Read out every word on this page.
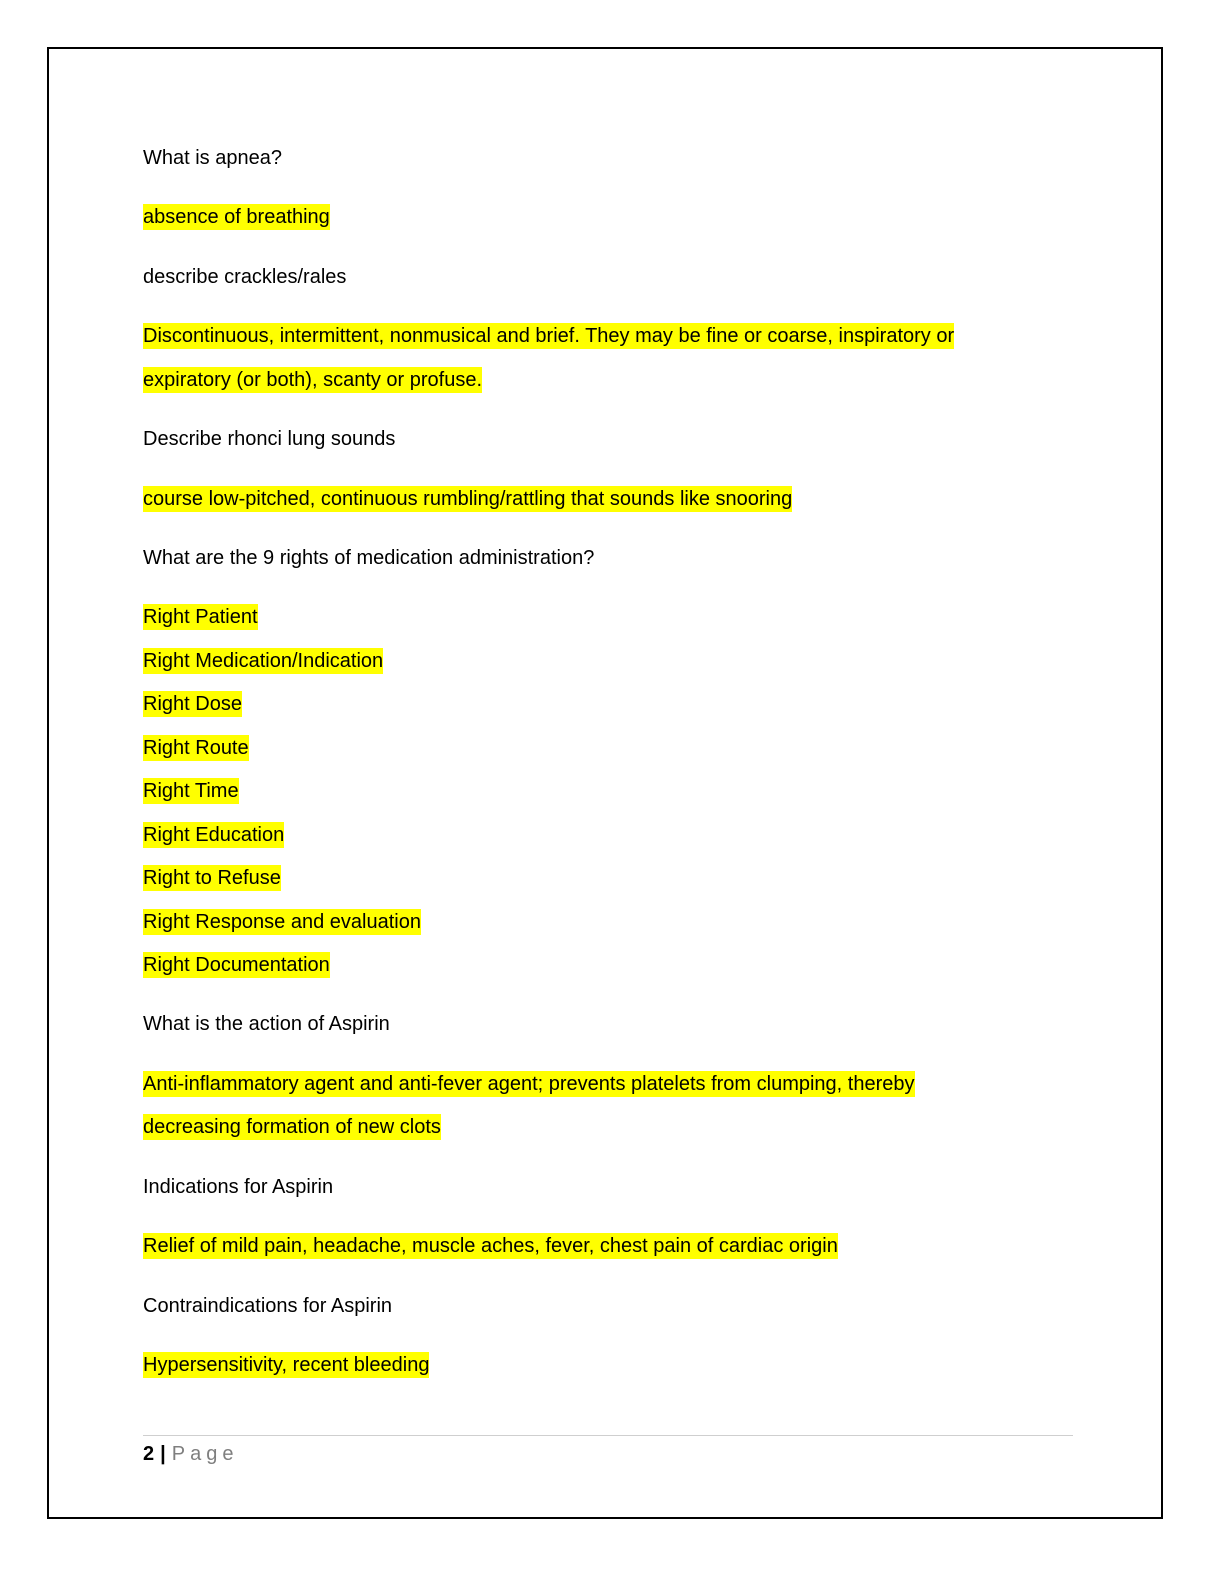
What is apnea?
absence of breathing
describe crackles/rales
Discontinuous, intermittent, nonmusical and brief. They may be fine or coarse, inspiratory or
expiratory (or both), scanty or profuse.
Describe rhonci lung sounds
course low-pitched, continuous rumbling/rattling that sounds like snooring
What are the 9 rights of medication administration?
Right Patient
Right Medication/Indication
Right Dose
Right Route
Right Time
Right Education
Right to Refuse
Right Response and evaluation
Right Documentation
What is the action of Aspirin
Anti-inflammatory agent and anti-fever agent; prevents platelets from clumping, thereby
decreasing formation of new clots
Indications for Aspirin
Relief of mild pain, headache, muscle aches, fever, chest pain of cardiac origin
Contraindications for Aspirin
Hypersensitivity, recent bleeding
2 | Page
